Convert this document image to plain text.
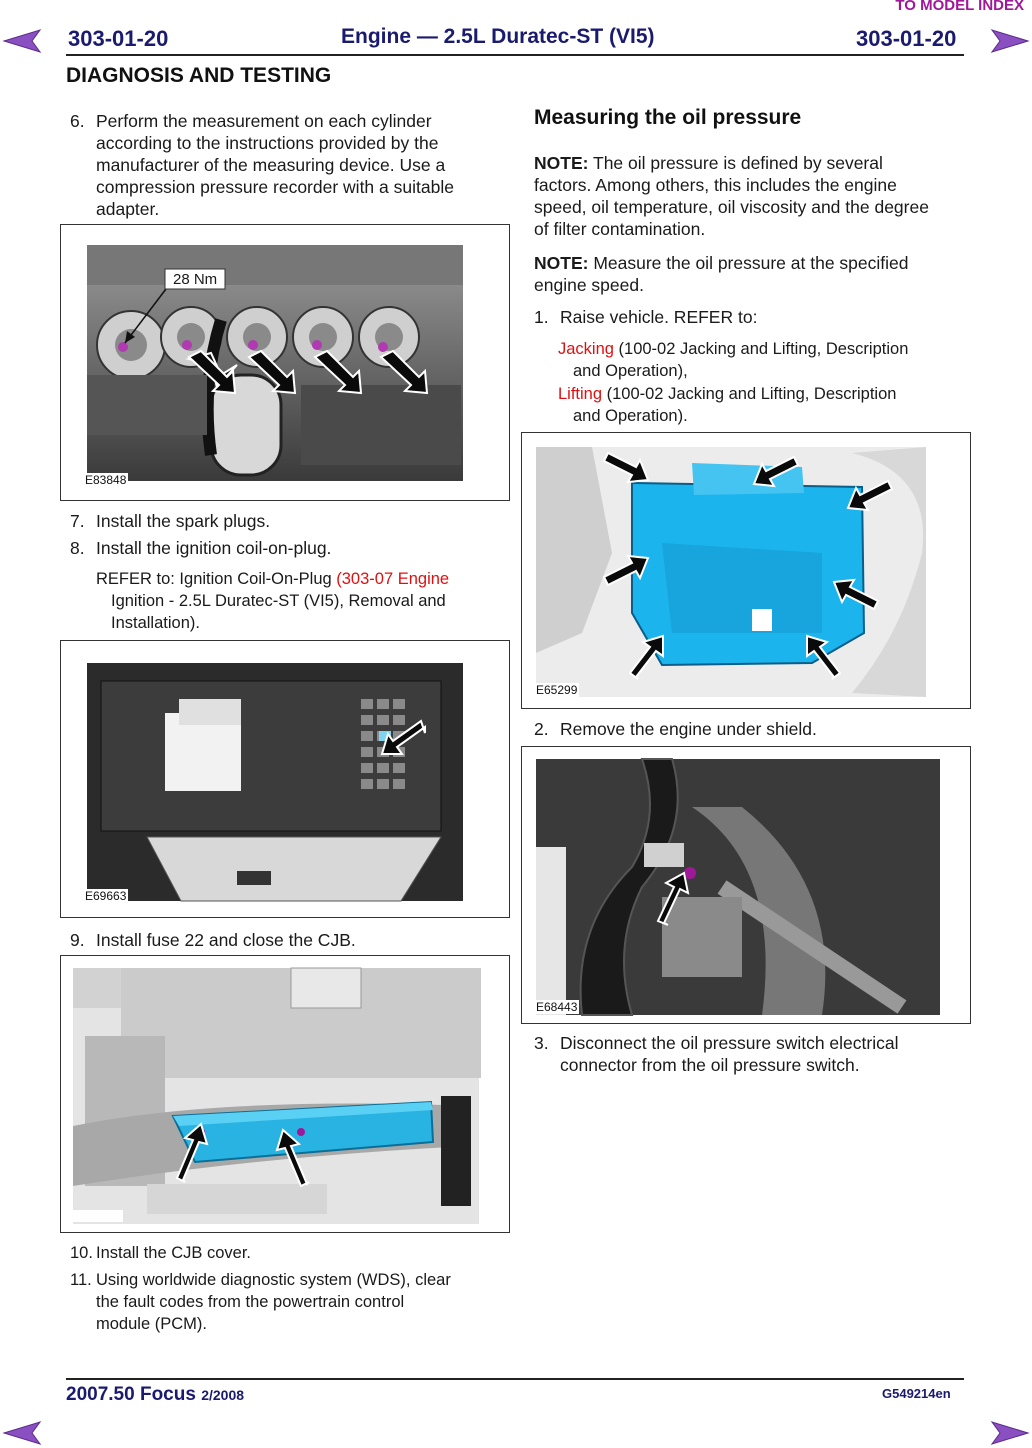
TO MODEL INDEX
303-01-20	Engine — 2.5L Duratec-ST (VI5)	303-01-20
DIAGNOSIS AND TESTING
6. Perform the measurement on each cylinder
according to the instructions provided by the
manufacturer of the measuring device. Use a
compression pressure recorder with a suitable
adapter.
28 Nm
E83848
7. Install the spark plugs.
8. Install the ignition coil-on-plug.
REFER to: Ignition Coil-On-Plug (303-07 Engine
Ignition - 2.5L Duratec-ST (VI5), Removal and
Installation).
E69663
9. Install fuse 22 and close the CJB.
10. Install the CJB cover.
11. Using worldwide diagnostic system (WDS), clear
the fault codes from the powertrain control
module (PCM).
Measuring the oil pressure
NOTE: The oil pressure is defined by several
factors. Among others, this includes the engine
speed, oil temperature, oil viscosity and the degree
of filter contamination.
NOTE: Measure the oil pressure at the specified
engine speed.
1. Raise vehicle. REFER to:
Jacking (100-02 Jacking and Lifting, Description
and Operation),
Lifting (100-02 Jacking and Lifting, Description
and Operation).
E65299
2. Remove the engine under shield.
E68443
3. Disconnect the oil pressure switch electrical
connector from the oil pressure switch.
2007.50 Focus 2/2008	G549214en
